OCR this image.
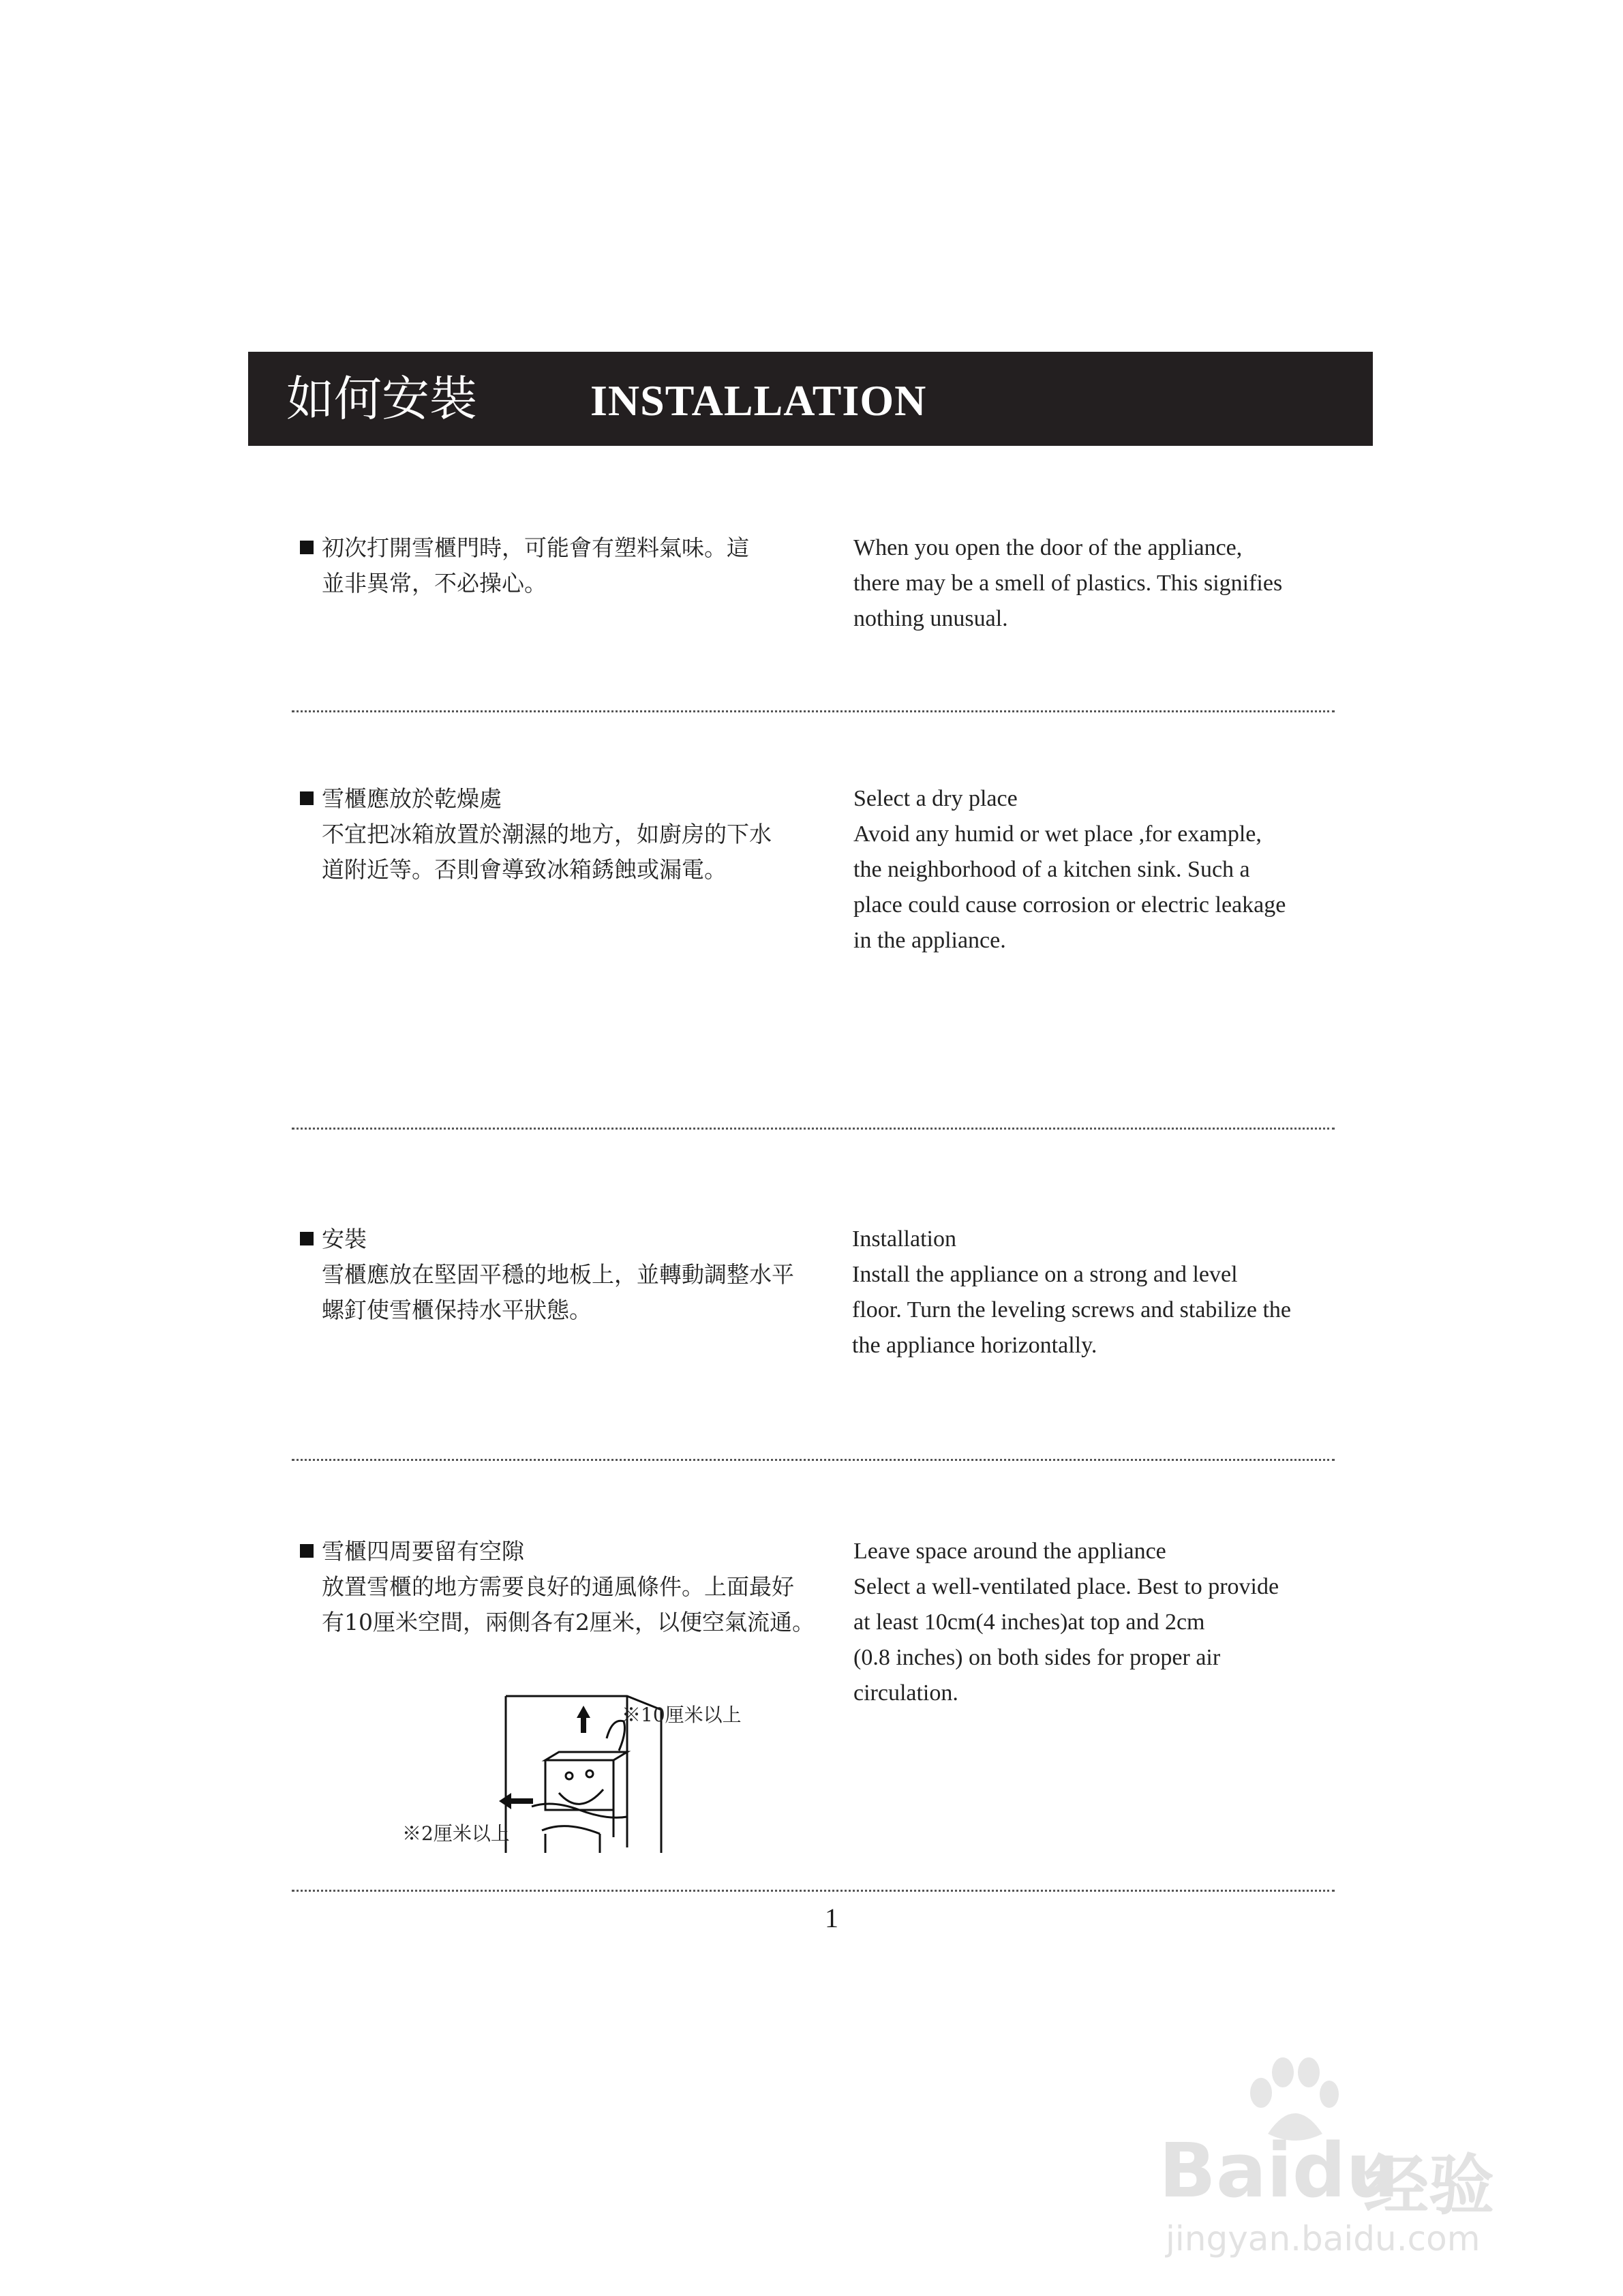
如何安裝	INSTALLATION
初次打開雪櫃門時，可能會有塑料氣味。這
並非異常，不必操心。
When you open the door of the appliance,
there may be a smell of plastics. This signifies
nothing unusual.
雪櫃應放於乾燥處
不宜把冰箱放置於潮濕的地方，如廚房的下水
道附近等。否則會導致冰箱銹蝕或漏電。
Select a dry place
Avoid any humid or wet place ,for example,
the neighborhood of a kitchen sink. Such a
place could cause corrosion or electric leakage
in the appliance.
安裝
雪櫃應放在堅固平穩的地板上，並轉動調整水平
螺釘使雪櫃保持水平狀態。
Installation
Install the appliance on a strong and level
floor. Turn the leveling screws and stabilize the
the appliance horizontally.
雪櫃四周要留有空隙
放置雪櫃的地方需要良好的通風條件。上面最好
有10厘米空間，兩側各有2厘米，以便空氣流通。
Leave space around the appliance
Select a well-ventilated place. Best to provide
at least 10cm(4 inches)at top and 2cm
(0.8 inches) on both sides for proper air
circulation.
※10厘米以上
※2厘米以上
1
Baidu
经验
jingyan.baidu.com
